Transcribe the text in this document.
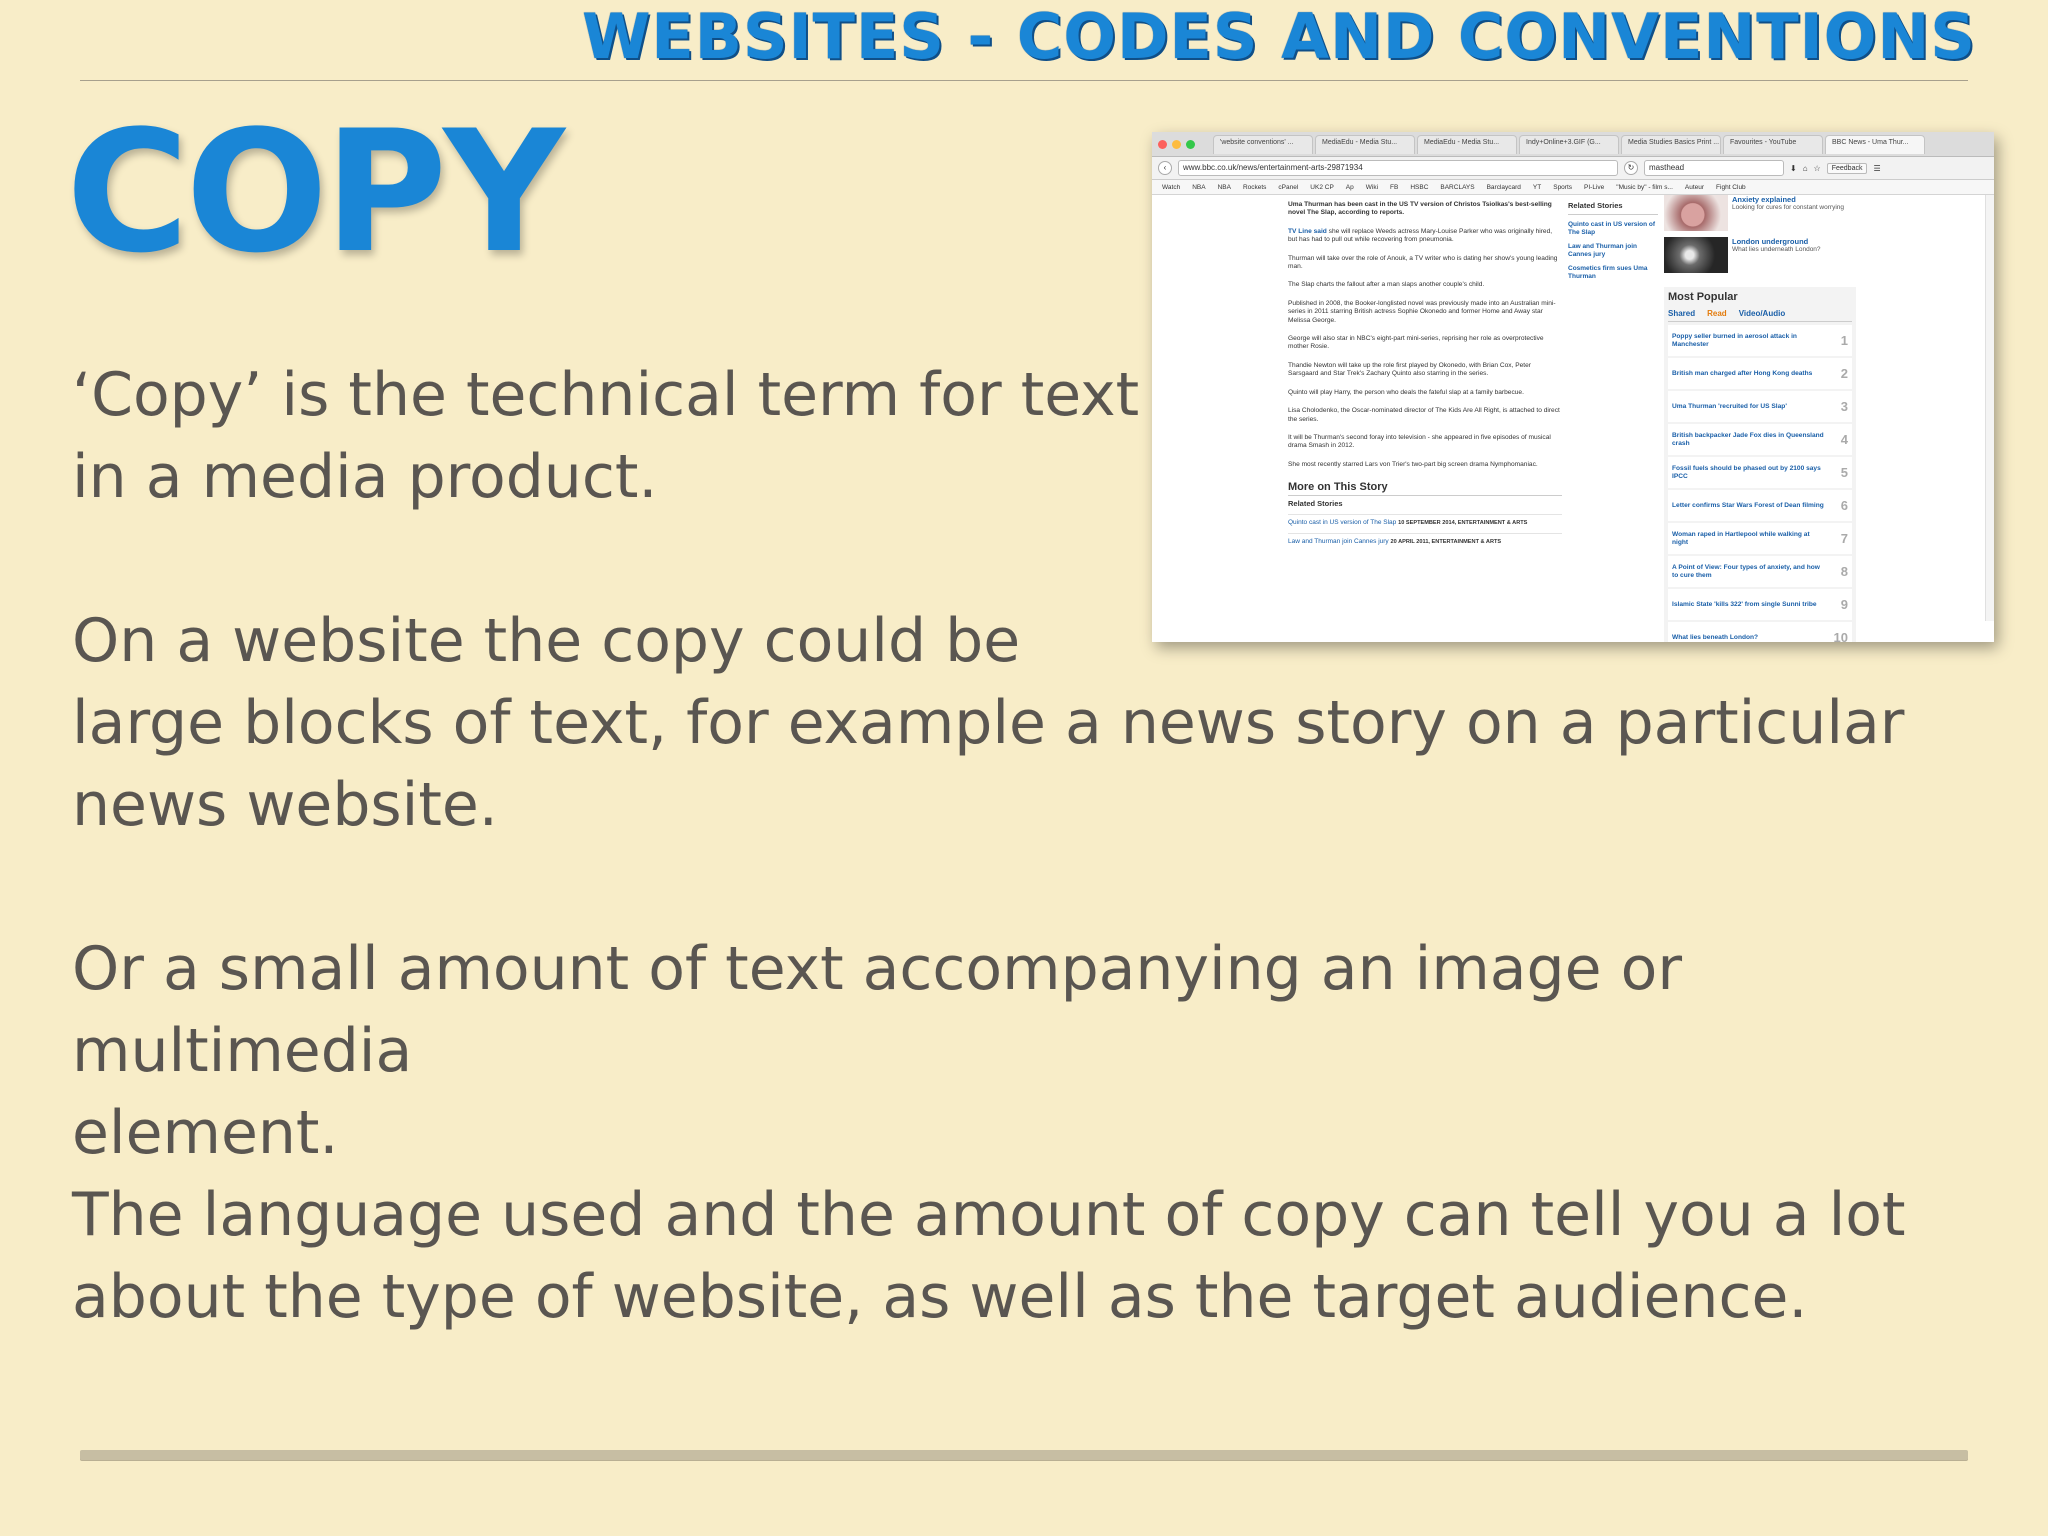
WEBSITES - CODES AND CONVENTIONS
COPY

‘Copy’ is the technical term for text
in a media product.

On a website the copy could be
large blocks of text, for example a news story on a particular
news website.

Or a small amount of text accompanying an image or multimedia
element.

The language used and the amount of copy can tell you a lot
about the type of website, as well as the target audience.

'website conventions' ...	MediaEdu - Media Stu...	MediaEdu - Media Stu...	Indy+Online+3.GIF (G...	Media Studies Basics Print ...	Favourites - YouTube	BBC News - Uma Thur...
‹	www.bbc.co.uk/news/entertainment-arts-29871934	↻	masthead	⬇ ⌂ ☆	Feedback	☰
Watch NBA NBA Rockets cPanel UK2 CP Ap Wiki FB HSBC BARCLAYS Barclaycard YT Sports PI-Live "Music by" - film s... Auteur Fight Club

Uma Thurman has been cast in the US TV version of Christos Tsiolkas's best-selling novel The Slap, according to reports.

TV Line said she will replace Weeds actress Mary-Louise Parker who was originally hired, but has had to pull out while recovering from pneumonia.

Thurman will take over the role of Anouk, a TV writer who is dating her show's young leading man.

The Slap charts the fallout after a man slaps another couple's child.

Published in 2008, the Booker-longlisted novel was previously made into an Australian mini-series in 2011 starring British actress Sophie Okonedo and former Home and Away star Melissa George.

George will also star in NBC's eight-part mini-series, reprising her role as overprotective mother Rosie.

Thandie Newton will take up the role first played by Okonedo, with Brian Cox, Peter Sarsgaard and Star Trek's Zachary Quinto also starring in the series.

Quinto will play Harry, the person who deals the fateful slap at a family barbecue.

Lisa Cholodenko, the Oscar-nominated director of The Kids Are All Right, is attached to direct the series.

It will be Thurman's second foray into television - she appeared in five episodes of musical drama Smash in 2012.

She most recently starred Lars von Trier's two-part big screen drama Nymphomaniac.

More on This Story
Related Stories
Quinto cast in US version of The Slap 10 SEPTEMBER 2014, ENTERTAINMENT & ARTS
Law and Thurman join Cannes jury 20 APRIL 2011, ENTERTAINMENT & ARTS
Related Stories
Quinto cast in US version of The Slap
Law and Thurman join Cannes jury
Cosmetics firm sues Uma Thurman
Anxiety explained
Looking for cures for constant worrying
London underground
What lies underneath London?
Most Popular
Shared Read Video/Audio
Poppy seller burned in aerosol attack in Manchester	1
British man charged after Hong Kong deaths	2
Uma Thurman 'recruited for US Slap'	3
British backpacker Jade Fox dies in Queensland crash	4
Fossil fuels should be phased out by 2100 says IPCC	5
Letter confirms Star Wars Forest of Dean filming 6
Woman raped in Hartlepool while walking at night	7
A Point of View: Four types of anxiety, and how to cure them	8
Islamic State 'kills 322' from single Sunni tribe	9
What lies beneath London?	10
